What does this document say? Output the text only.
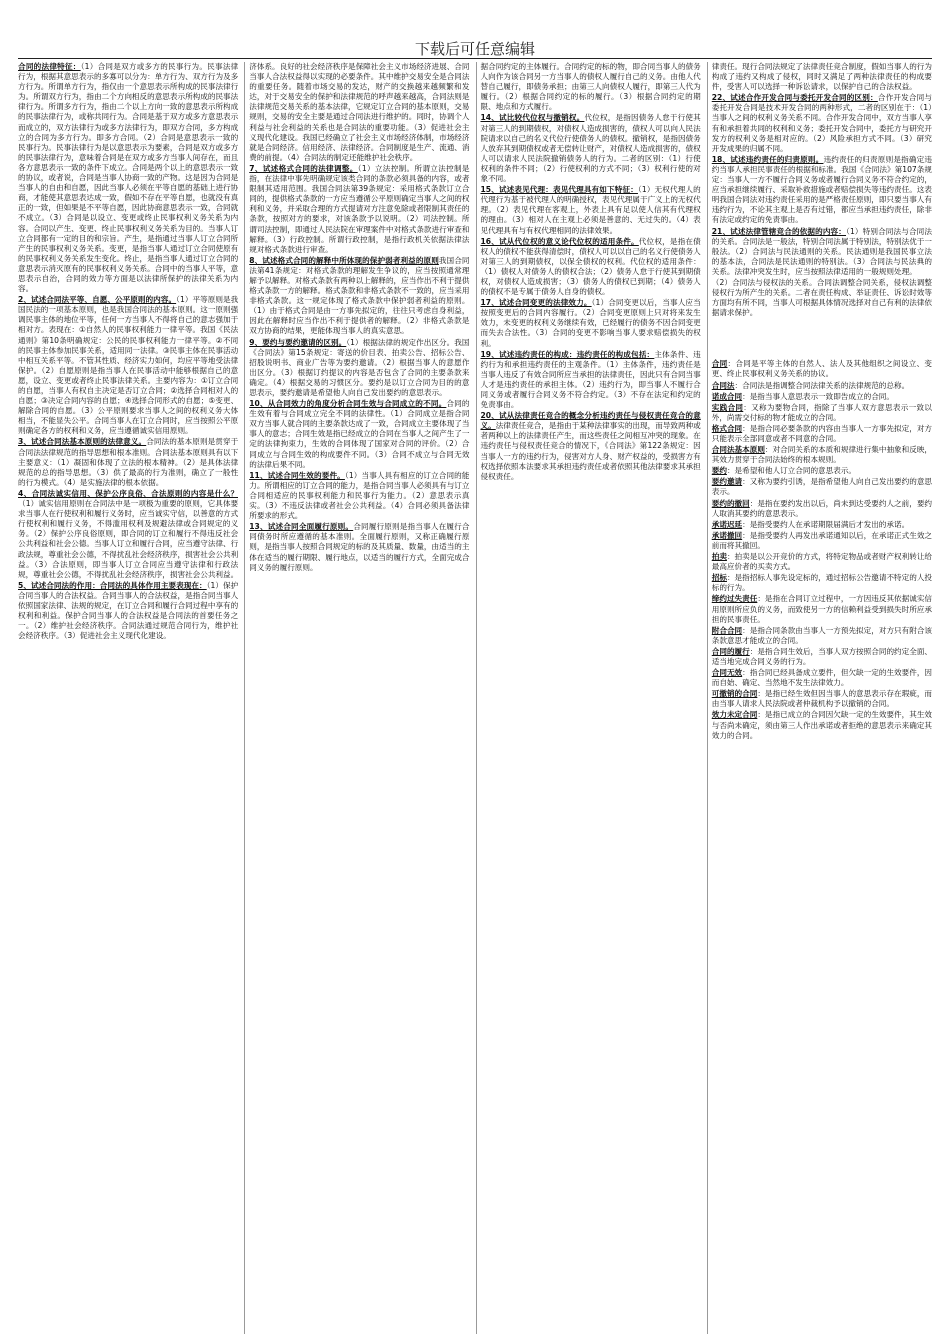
下载后可任意编辑
合同的法律特征：（1）合同是双方或多方的民事行为。民事法律行为，根据其意思表示的多寡可以分为：单方行为、双方行为及多方行为。所谓单方行为，指仅由一个意思表示所构成的民事法律行为。所谓双方行为，指由二个方向相反的意思表示所构成的民事法律行为。所谓多方行为，指由二个以上方向一致的意思表示所构成的民事法律行为，或称共同行为。合同是基于双方或多方意思表示而成立的，双方法律行为或多方法律行为，即双方合同，多方构成立的合同为多方行为。即多方合同。（2）合同是意思表示一致的民事行为。民事法律行为是以意思表示为要素，合同是双方或多方的民事法律行为，意味着合同是在双方或多方当事人间存在，而且各方意思表示一致的条件下成立。合同是两个以上的意思表示一致的协议，或者说，合同是当事人协商一致的产物。这是因为合同是当事人的自由和自愿，因此当事人必须在平等自愿的基础上进行协商，才能使其意思表达成一致，假如不存在平等自愿，也就没有真正的一致，但如果是不平等自愿，因此协商意思表示一致，合同就不成立。（3）合同是以设立、变更或终止民事权利义务关系为内容。合同以产生、变更、终止民事权利义务关系为目的。当事人订立合同都有一定的目的和宗旨。产生，是指通过当事人订立合同所产生的民事权利义务关系。变更，是指当事人通过订立合同使原有的民事权利义务关系发生变化。终止，是指当事人通过订立合同的意思表示消灭原有的民事权利义务关系。合同中的当事人平等，意思表示自治，合同的效力等方面是以法律所保护的法律关系为内容。
2、试述合同法平等、自愿、公平原则的内容。（1）平等原则是我国民法的一项基本原则，也是我国合同法的基本原则。这一原则强调民事主体的地位平等，任何一方当事人不得将自己的意志强加于相对方。表现在：①自然人的民事权利能力一律平等。我国《民法通则》第10条明确规定：公民的民事权利能力一律平等。②不同的民事主体参加民事关系，适用同一法律。③民事主体在民事活动中相互关系平等。不管其性质、经济实力如何，均应平等地受法律保护。（2）自愿原则是指当事人在民事活动中能够根据自己的意愿，设立、变更或者终止民事法律关系。主要内容为：①订立合同的自愿，当事人有权自主决定是否订立合同；②选择合同相对人的自愿；③决定合同内容的自愿；④选择合同形式的自愿；⑤变更、解除合同的自愿。（3）公平原则要求当事人之间的权利义务大体相当，不能显失公平。合同当事人在订立合同时，应当按照公平原则确定各方的权利和义务，应当遵循诚实信用原则。
3、试述合同法基本原则的法律意义。合同法的基本原则是贯穿于合同法法律规范的指导思想和根本准则。合同法基本原则具有以下主要意义：（1）凝固和体现了立法的根本精神。（2）是具体法律规范的总的指导思想。（3）供了最高的行为准则，确立了一般性的行为模式。（4）是实施法律的根本依据。
4、合同法诚实信用、保护公序良俗、合法原则的内容是什么？（1）诚实信用原则在合同法中是一项极为重要的原则，它具体要求当事人在行使权利和履行义务时，应当诚实守信，以善意的方式行使权利和履行义务，不得滥用权利及规避法律或合同规定的义务。（2）保护公序良俗原则，即合同的订立和履行不得违反社会公共利益和社会公德。当事人订立和履行合同，应当遵守法律、行政法规，尊重社会公德，不得扰乱社会经济秩序，损害社会公共利益。（3）合法原则，即当事人订立合同应当遵守法律和行政法规，尊重社会公德，不得扰乱社会经济秩序，损害社会公共利益。
5、试述合同法的作用：合同法的具体作用主要表现在：（1）保护合同当事人的合法权益。合同当事人的合法权益，是指合同当事人依照国家法律、法规的规定，在订立合同和履行合同过程中享有的权利和利益。保护合同当事人的合法权益是合同法的首要任务之一。（2）维护社会经济秩序。合同法通过规范合同行为，维护社会经济秩序。（3）促进社会主义现代化建设。
济体系。良好的社会经济秩序是保障社会主义市场经济进展、合同当事人合法权益得以实现的必要条件。其中维护交易安全是合同法的重要任务。随着市场交易的发达，财产的交换越来越频繁和发达，对于交易安全的保护和法律规范的呼声越来越高，合同法则是法律规范交易关系的基本法律，它规定订立合同的基本原则，交易规则，交易的安全主要是通过合同法进行维护的。同时，协调个人利益与社会利益的关系也是合同法的重要功能。（3）促进社会主义现代化建设。我国已经确立了社会主义市场经济体制，市场经济就是合同经济。信用经济、法律经济。合同制度是生产、流通、消费的前提。（4）合同法的制定还能维护社会秩序。
7、试述格式合同的法律调整。（1）立法控制。所谓立法控制是指，在法律中事先明确规定该类合同的条款必须具备的内容，或者限制其适用范围。我国合同法第39条规定：采用格式条款订立合同的，提供格式条款的一方应当遵循公平原则确定当事人之间的权利和义务，并采取合理的方式提请对方注意免除或者限制其责任的条款，按照对方的要求，对该条款予以说明。（2）司法控制。所谓司法控制，即通过人民法院在审理案件中对格式条款进行审查和解释。（3）行政控制。所谓行政控制，是指行政机关依据法律法规对格式条款进行审查。
8、试述格式合同的解释中所体现的保护弱者利益的原则我国合同法第41条规定：对格式条款的理解发生争议的，应当按照通常理解予以解释。对格式条款有两种以上解释的，应当作出不利于提供格式条款一方的解释。格式条款和非格式条款不一致的，应当采用非格式条款。这一规定体现了格式条款中保护弱者利益的原则。（1）由于格式合同是由一方事先拟定的，往往只考虑自身利益，因此在解释时应当作出不利于提供者的解释。（2）非格式条款是双方协商的结果，更能体现当事人的真实意思。
9、要约与要约邀请的区别。（1）根据法律的规定作出区分。我国《合同法》第15条规定：寄送的价目表、拍卖公告、招标公告、招股说明书、商业广告等为要约邀请。（2）根据当事人的意愿作出区分。（3）根据订约提议的内容是否包含了合同的主要条款来确定。（4）根据交易的习惯区分。要约是以订立合同为目的的意思表示，要约邀请是希望他人向自己发出要约的意思表示。
10、从合同效力的角度分析合同生效与合同成立的不同。合同的生效有着与合同成立完全不同的法律性。（1）合同成立是指合同双方当事人就合同的主要条款达成了一致，合同成立主要体现了当事人的意志；合同生效是指已经成立的合同在当事人之间产生了一定的法律拘束力，生效的合同体现了国家对合同的评价。（2）合同成立与合同生效的构成要件不同。（3）合同不成立与合同无效的法律后果不同。
11、试述合同生效的要件。（1）当事人具有相应的订立合同的能力。所谓相应的订立合同的能力，是指合同当事人必须具有与订立合同相适应的民事权利能力和民事行为能力。（2）意思表示真实。（3）不违反法律或者社会公共利益。（4）合同必须具备法律所要求的形式。
13、试述合同全面履行原则。合同履行原则是指当事人在履行合同债务时所应遵循的基本准则。全面履行原则，又称正确履行原则，是指当事人按照合同规定的标的及其质量、数量，由适当的主体在适当的履行期限、履行地点，以适当的履行方式，全面完成合同义务的履行原则。
据合同约定的主体履行。合同约定的标的物，即合同当事人的债务人向作为该合同另一方当事人的债权人履行自己的义务。由他人代替自己履行，即债务承担；由第三人向债权人履行，即第三人代为履行。（2）根据合同约定的标的履行。（3）根据合同约定的期限、地点和方式履行。
14、试比较代位权与撤销权。代位权，是指因债务人怠于行使其对第三人的到期债权，对债权人造成损害的，债权人可以向人民法院请求以自己的名义代位行使债务人的债权。撤销权，是指因债务人放弃其到期债权或者无偿转让财产，对债权人造成损害的，债权人可以请求人民法院撤销债务人的行为。二者的区别：（1）行使权利的条件不同；（2）行使权利的方式不同；（3）权利行使的对象不同。
15、试述表见代理：表见代理具有如下特征：（1）无权代理人的代理行为基于被代理人的明确授权，表见代理属于广义上的无权代理。（2）表见代理在客观上，外表上具有足以使人信其有代理权的理由。（3）相对人在主观上必须是善意的、无过失的。（4）表见代理具有与有权代理相同的法律效果。
16、试从代位权的意义论代位权的适用条件。代位权，是指在债权人的债权不能获得清偿时，债权人可以以自己的名义行使债务人对第三人的到期债权，以保全债权的权利。代位权的适用条件：（1）债权人对债务人的债权合法；（2）债务人怠于行使其到期债权，对债权人造成损害；（3）债务人的债权已到期；（4）债务人的债权不是专属于债务人自身的债权。
17、试述合同变更的法律效力。（1）合同变更以后，当事人应当按照变更后的合同内容履行。（2）合同变更原则上只对将来发生效力，未变更的权利义务继续有效，已经履行的债务不因合同变更而失去合法性。（3）合同的变更不影响当事人要求赔偿损失的权利。
19、试述违约责任的构成：违约责任的构成包括：主体条件、违约行为和承担违约责任的主观条件。（1）主体条件，违约责任是当事人违反了有效合同所应当承担的法律责任，因此只有合同当事人才是违约责任的承担主体。（2）违约行为，即当事人不履行合同义务或者履行合同义务不符合约定。（3）不存在法定和约定的免责事由。
20、试从法律责任竞合的概念分析违约责任与侵权责任竞合的意义。法律责任竞合，是指由于某种法律事实的出现，而导致两种或者两种以上的法律责任产生，而这些责任之间相互冲突的现象。在违约责任与侵权责任竞合的情况下，《合同法》第122条规定：因当事人一方的违约行为，侵害对方人身、财产权益的，受损害方有权选择依照本法要求其承担违约责任或者依照其他法律要求其承担侵权责任。
律责任。现行合同法规定了法律责任竞合制度，假如当事人的行为构成了违约又构成了侵权，同时又满足了两种法律责任的构成要件，受害人可以选择一种诉讼请求，以保护自己的合法权益。
22、试述合作开发合同与委托开发合同的区别：合作开发合同与委托开发合同是技术开发合同的两种形式，二者的区别在于：（1）当事人之间的权利义务关系不同。合作开发合同中，双方当事人享有和承担着共同的权利和义务；委托开发合同中，委托方与研究开发方的权利义务是相对应的。（2）风险承担方式不同。（3）研究开发成果的归属不同。
18、试述违约责任的归责原则。违约责任的归责原则是指确定违约当事人承担民事责任的根据和标准。我国《合同法》第107条规定：当事人一方不履行合同义务或者履行合同义务不符合约定的，应当承担继续履行、采取补救措施或者赔偿损失等违约责任。这表明我国合同法对违约责任采用的是严格责任原则，即只要当事人有违约行为，不论其主观上是否有过错，都应当承担违约责任，除非有法定或约定的免责事由。
21、试述法律管辖竞合的依据的内容：（1）特别合同法与合同法的关系。合同法是一般法，特别合同法属于特别法，特别法优于一般法。（2）合同法与民法通则的关系。民法通则是我国民事立法的基本法，合同法是民法通则的特别法。（3）合同法与民法典的关系。法律冲突发生时，应当按照法律适用的一般规则处理。
（2）合同法与侵权法的关系。合同法调整合同关系，侵权法调整侵权行为所产生的关系。二者在责任构成、举证责任、诉讼时效等方面均有所不同，当事人可根据具体情况选择对自己有利的法律依据请求保护。
合同：合同是平等主体的自然人、法人及其他组织之间设立、变更、终止民事权利义务关系的协议。
合同法：合同法是指调整合同法律关系的法律规范的总称。
诺成合同：是指当事人意思表示一致即告成立的合同。
实践合同：又称为要物合同，指除了当事人双方意思表示一致以外，尚需交付标的物才能成立的合同。
格式合同：是指合同必要条款的内容由当事人一方事先拟定，对方只能表示全部同意或者不同意的合同。
合同法基本原则：对合同关系的本质和规律进行集中抽象和反映，其效力贯穿于合同法始终的根本规则。
要约：是希望和他人订立合同的意思表示。
要约邀请：又称为要约引诱，是指希望他人向自己发出要约的意思表示。
要约的撤回：是指在要约发出以后，尚未到达受要约人之前，要约人取消其要约的意思表示。
承诺迟延：是指受要约人在承诺期限届满后才发出的承诺。
承诺撤回：是指受要约人再发出承诺通知以后，在承诺正式生效之前而将其撤回。
拍卖：拍卖是以公开竞价的方式，将特定物品或者财产权利转让给最高应价者的买卖方式。
招标：是指招标人事先设定标的，通过招标公告邀请不特定的人投标的行为。
缔约过失责任：是指在合同订立过程中，一方因违反其依据诚实信用原则所应负的义务，而致使另一方的信赖利益受到损失时所应承担的民事责任。
附合合同：是指合同条款由当事人一方预先拟定，对方只有附合该条款意思才能成立的合同。
合同的履行：是指合同生效后，当事人双方按照合同的约定全面、适当地完成合同义务的行为。
合同无效：指合同已经具备成立要件，但欠缺一定的生效要件，因而自始、确定、当然地不发生法律效力。
可撤销的合同：是指已经生效但因当事人的意思表示存在瑕疵，而由当事人请求人民法院或者仲裁机构予以撤销的合同。
效力未定合同：是指已成立的合同因欠缺一定的生效要件，其生效与否尚未确定，须由第三人作出承诺或者拒绝的意思表示来确定其效力的合同。
